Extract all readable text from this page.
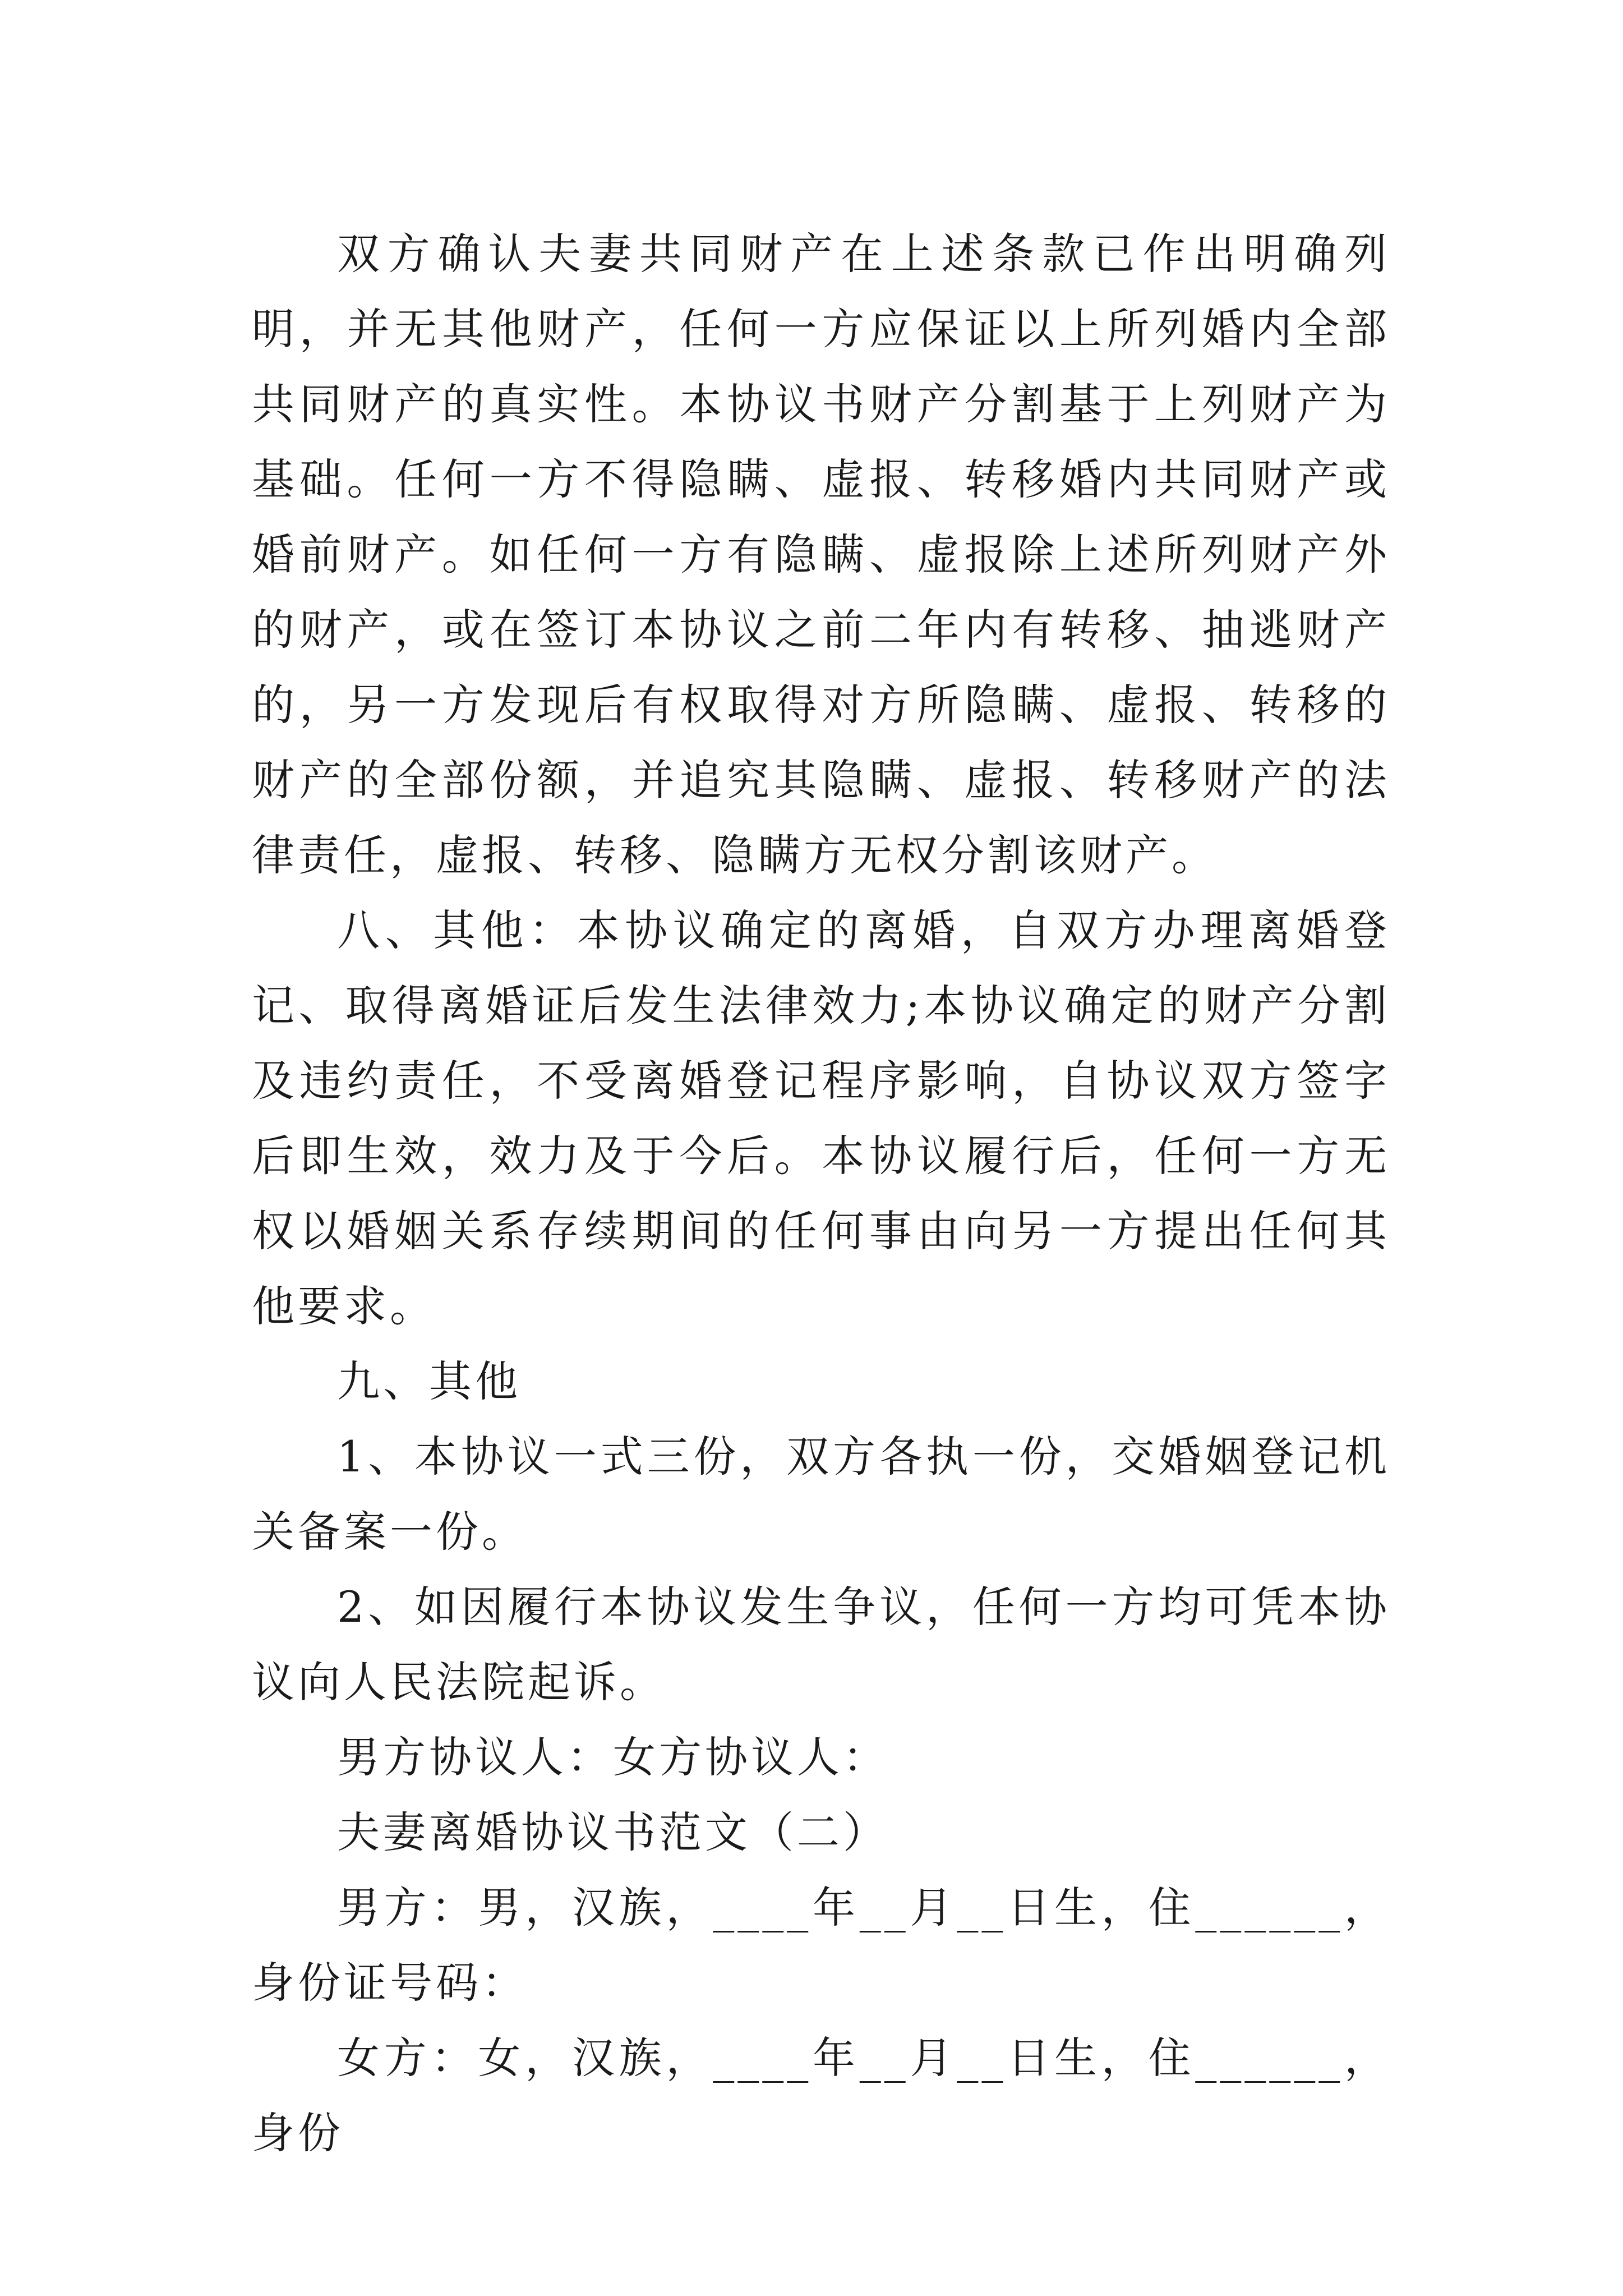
双方确认夫妻共同财产在上述条款已作出明确列明，并无其他财产，任何一方应保证以上所列婚内全部共同财产的真实性。本协议书财产分割基于上列财产为基础。任何一方不得隐瞒、虚报、转移婚内共同财产或婚前财产。如任何一方有隐瞒、虚报除上述所列财产外的财产，或在签订本协议之前二年内有转移、抽逃财产的，另一方发现后有权取得对方所隐瞒、虚报、转移的财产的全部份额，并追究其隐瞒、虚报、转移财产的法律责任，虚报、转移、隐瞒方无权分割该财产。

八、其他：本协议确定的离婚，自双方办理离婚登记、取得离婚证后发生法律效力;本协议确定的财产分割及违约责任，不受离婚登记程序影响，自协议双方签字后即生效，效力及于今后。本协议履行后，任何一方无权以婚姻关系存续期间的任何事由向另一方提出任何其他要求。

九、其他

1、本协议一式三份，双方各执一份，交婚姻登记机关备案一份。

2、如因履行本协议发生争议，任何一方均可凭本协议向人民法院起诉。

男方协议人：女方协议人：

夫妻离婚协议书范文（二）

男方：男，汉族，____年__月__日生，住______，身份证号码：

女方：女，汉族，____年__月__日生，住______，身份
